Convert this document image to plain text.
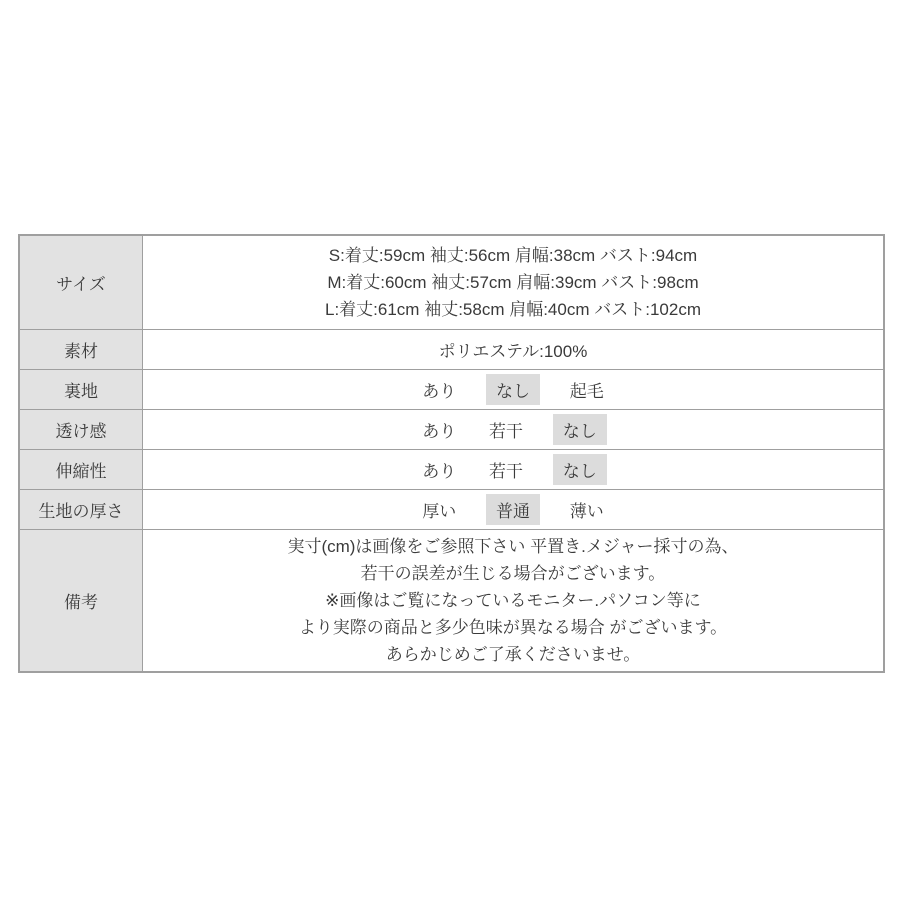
サイズ	S:着丈:59cm 袖丈:56cm 肩幅:38cm バスト:94cm
M:着丈:60cm 袖丈:57cm 肩幅:39cm バスト:98cm
L:着丈:61cm 袖丈:58cm 肩幅:40cm バスト:102cm

素材	ポリエステル:100%
裏地	あり なし 起毛

透け感	あり 若干 なし

伸縮性	あり 若干 なし

生地の厚さ	厚い 普通 薄い

備考	実寸(cm)は画像をご参照下さい 平置き.メジャー採寸の為、
若干の誤差が生じる場合がございます。
※画像はご覧になっているモニター.パソコン等に
より実際の商品と多少色味が異なる場合 がございます。
あらかじめご了承くださいませ。
